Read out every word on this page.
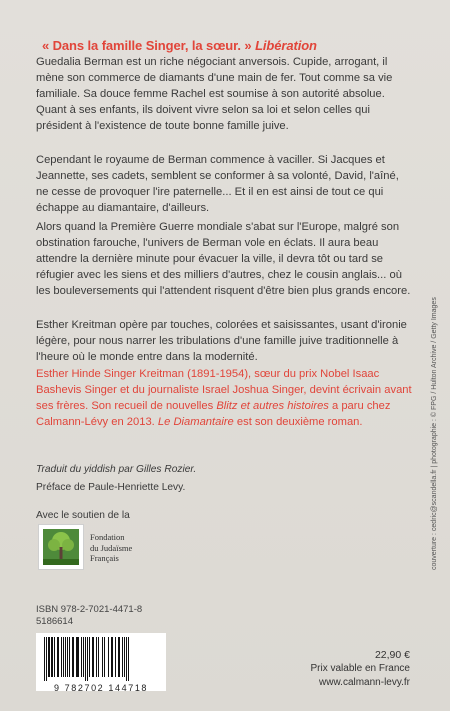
« Dans la famille Singer, la sœur. » Libération

Guedalia Berman est un riche négociant anversois. Cupide, arrogant, il mène son commerce de diamants d'une main de fer. Tout comme sa vie familiale. Sa douce femme Rachel est soumise à son autorité absolue. Quant à ses enfants, ils doivent vivre selon sa loi et selon celles qui président à l'existence de toute bonne famille juive.

Cependant le royaume de Berman commence à vaciller. Si Jacques et Jeannette, ses cadets, semblent se conformer à sa volonté, David, l'aîné, ne cesse de provoquer l'ire paternelle... Et il en est ainsi de tout ce qui échappe au diamantaire, d'ailleurs.

Alors quand la Première Guerre mondiale s'abat sur l'Europe, malgré son obstination farouche, l'univers de Berman vole en éclats. Il aura beau attendre la dernière minute pour évacuer la ville, il devra tôt ou tard se réfugier avec les siens et des milliers d'autres, chez le cousin anglais... où les bouleversements qui l'attendent risquent d'être bien plus grands encore.

Esther Kreitman opère par touches, colorées et saisissantes, usant d'ironie légère, pour nous narrer les tribulations d'une famille juive traditionnelle à l'heure où le monde entre dans la modernité.

Esther Hinde Singer Kreitman (1891-1954), sœur du prix Nobel Isaac Bashevis Singer et du journaliste Israel Joshua Singer, devint écrivain avant ses frères. Son recueil de nouvelles Blitz et autres histoires a paru chez Calmann-Lévy en 2013. Le Diamantaire est son deuxième roman.

Traduit du yiddish par Gilles Rozier.
Préface de Paule-Henriette Levy.
Avec le soutien de la
Fondation
du Judaïsme
Français
ISBN 978-2-7021-4471-8
5186614
9 782702 144718
22,90 €
Prix valable en France
www.calmann-levy.fr
couverture : cedric@scandella.fr | photographie : © FPG / Hulton Archive / Getty Images
